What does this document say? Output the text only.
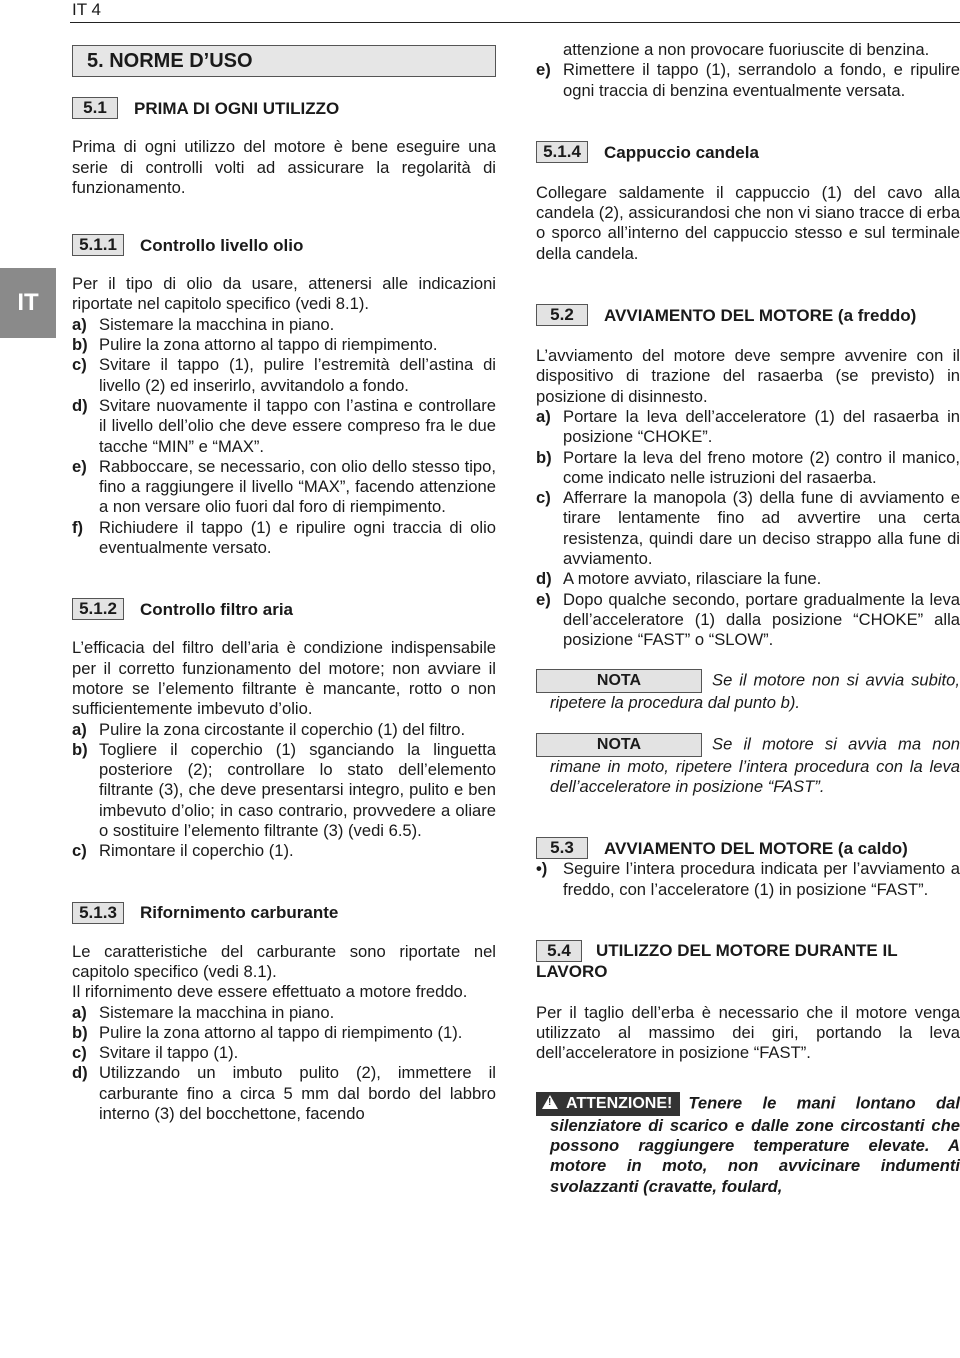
IT 4
IT
5. NORME D’USO
5.1	PRIMA DI OGNI UTILIZZO
Prima di ogni utilizzo del motore è bene eseguire una serie di controlli volti ad assicurare la regolarità di funzionamento.
5.1.1	Controllo livello olio
Per il tipo di olio da usare, attenersi alle indicazioni riportate nel capitolo specifico (vedi 8.1).
a) Sistemare la macchina in piano.
b) Pulire la zona attorno al tappo di riempimento.
c) Svitare il tappo (1), pulire l’estremità dell’astina di livello (2) ed inserirlo, avvitandolo a fondo.
d) Svitare nuovamente il tappo con l’astina e controllare il livello dell’olio che deve essere compreso fra le due tacche “MIN” e “MAX”.
e) Rabboccare, se necessario, con olio dello stesso tipo, fino a raggiungere il livello “MAX”, facendo attenzione a non versare olio fuori dal foro di riempimento.
f) Richiudere il tappo (1) e ripulire ogni traccia di olio eventualmente versato.
5.1.2	Controllo filtro aria
L’efficacia del filtro dell’aria è condizione indispensabile per il corretto funzionamento del motore; non avviare il motore se l’elemento filtrante è mancante, rotto o non sufficientemente imbevuto d’olio.
a) Pulire la zona circostante il coperchio (1) del filtro.
b) Togliere il coperchio (1) sganciando la linguetta posteriore (2); controllare lo stato dell’elemento filtrante (3), che deve presentarsi integro, pulito e ben imbevuto d’olio; in caso contrario, provvedere a oliare o sostituire l’elemento filtrante (3) (vedi 6.5).
c) Rimontare il coperchio (1).
5.1.3	Rifornimento carburante
Le caratteristiche del carburante sono riportate nel capitolo specifico (vedi 8.1).
Il rifornimento deve essere effettuato a motore freddo.
a) Sistemare la macchina in piano.
b) Pulire la zona attorno al tappo di riempimento (1).
c) Svitare il tappo (1).
d) Utilizzando un imbuto pulito (2), immettere il carburante fino a circa 5 mm dal bordo del labbro interno (3) del bocchettone, facendo
attenzione a non provocare fuoriuscite di benzina.
e) Rimettere il tappo (1), serrandolo a fondo, e ripulire ogni traccia di benzina eventualmente versata.
5.1.4	Cappuccio candela
Collegare saldamente il cappuccio (1) del cavo alla candela (2), assicurandosi che non vi siano tracce di erba o sporco all’interno del cappuccio stesso e sul terminale della candela.
5.2	AVVIAMENTO DEL MOTORE (a freddo)
L’avviamento del motore deve sempre avvenire con il dispositivo di trazione del rasaerba (se previsto) in posizione di disinnesto.
a) Portare la leva dell’acceleratore (1) del rasaerba in posizione “CHOKE”.
b) Portare la leva del freno motore (2) contro il manico, come indicato nelle istruzioni del rasaerba.
c) Afferrare la manopola (3) della fune di avviamento e tirare lentamente fino ad avvertire una certa resistenza, quindi dare un deciso strappo alla fune di avviamento.
d) A motore avviato, rilasciare la fune.
e) Dopo qualche secondo, portare gradualmente la leva dell’acceleratore (1) dalla posizione “CHOKE” alla posizione “FAST” o “SLOW”.
NOTA	Se il motore non si avvia subito, ripetere la procedura dal punto b).
NOTA	Se il motore si avvia ma non rimane in moto, ripetere l’intera procedura con la leva dell’acceleratore in posizione “FAST”.
5.3	AVVIAMENTO DEL MOTORE (a caldo)
•) Seguire l’intera procedura indicata per l’avviamento a freddo, con l’acceleratore (1) in posizione “FAST”.
5.4 UTILIZZO DEL MOTORE DURANTE IL LAVORO
Per il taglio dell’erba è necessario che il motore venga utilizzato al massimo dei giri, portando la leva dell’acceleratore in posizione “FAST”.
!ATTENZIONE! Tenere le mani lontano dal silenziatore di scarico e dalle zone circostanti che possono raggiungere temperature elevate. A motore in moto, non avvicinare indumenti svolazzanti (cravatte, foulard,
